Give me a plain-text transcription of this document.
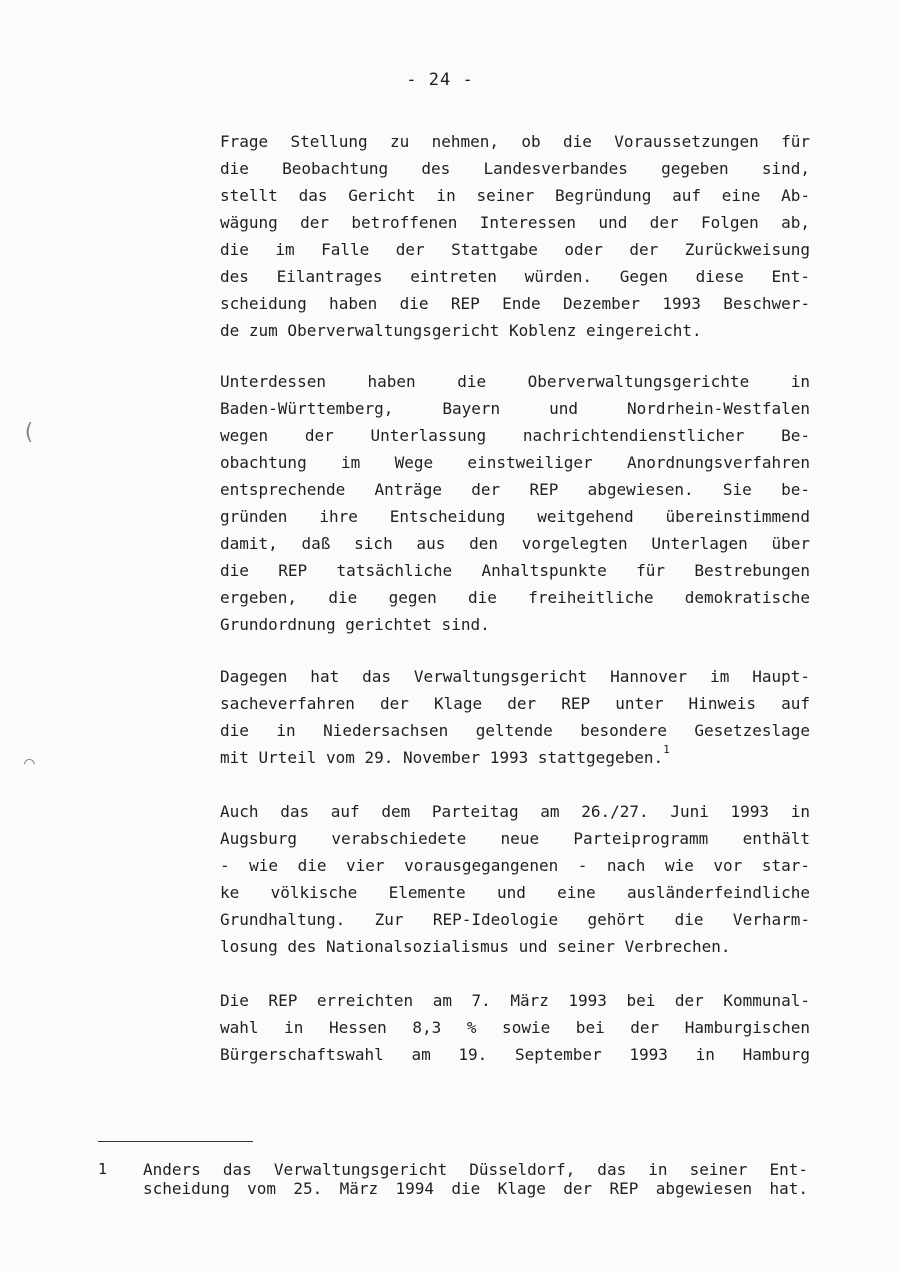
- 24 -
Frage Stellung zu nehmen, ob die Voraussetzungen für
die Beobachtung des Landesverbandes gegeben sind,
stellt das Gericht in seiner Begründung auf eine Ab-
wägung der betroffenen Interessen und der Folgen ab,
die im Falle der Stattgabe oder der Zurückweisung
des Eilantrages eintreten würden. Gegen diese Ent-
scheidung haben die REP Ende Dezember 1993 Beschwer-
de zum Oberverwaltungsgericht Koblenz eingereicht.
Unterdessen haben die Oberverwaltungsgerichte in
Baden-Württemberg, Bayern und Nordrhein-Westfalen
wegen der Unterlassung nachrichtendienstlicher Be-
obachtung im Wege einstweiliger Anordnungsverfahren
entsprechende Anträge der REP abgewiesen. Sie be-
gründen ihre Entscheidung weitgehend übereinstimmend
damit, daß sich aus den vorgelegten Unterlagen über
die REP tatsächliche Anhaltspunkte für Bestrebungen
ergeben, die gegen die freiheitliche demokratische
Grundordnung gerichtet sind.
Dagegen hat das Verwaltungsgericht Hannover im Haupt-
sacheverfahren der Klage der REP unter Hinweis auf
die in Niedersachsen geltende besondere Gesetzeslage
mit Urteil vom 29. November 1993 stattgegeben.$^1$
Auch das auf dem Parteitag am 26./27. Juni 1993 in
Augsburg verabschiedete neue Parteiprogramm enthält
- wie die vier vorausgegangenen - nach wie vor star-
ke völkische Elemente und eine ausländerfeindliche
Grundhaltung. Zur REP-Ideologie gehört die Verharm-
losung des Nationalsozialismus und seiner Verbrechen.
Die REP erreichten am 7. März 1993 bei der Kommunal-
wahl in Hessen 8,3 % sowie bei der Hamburgischen
Bürgerschaftswahl am 19. September 1993 in Hamburg
(
⌒
1 Anders das Verwaltungsgericht Düsseldorf, das in seiner Ent-
scheidung vom 25. März 1994 die Klage der REP abgewiesen hat.
